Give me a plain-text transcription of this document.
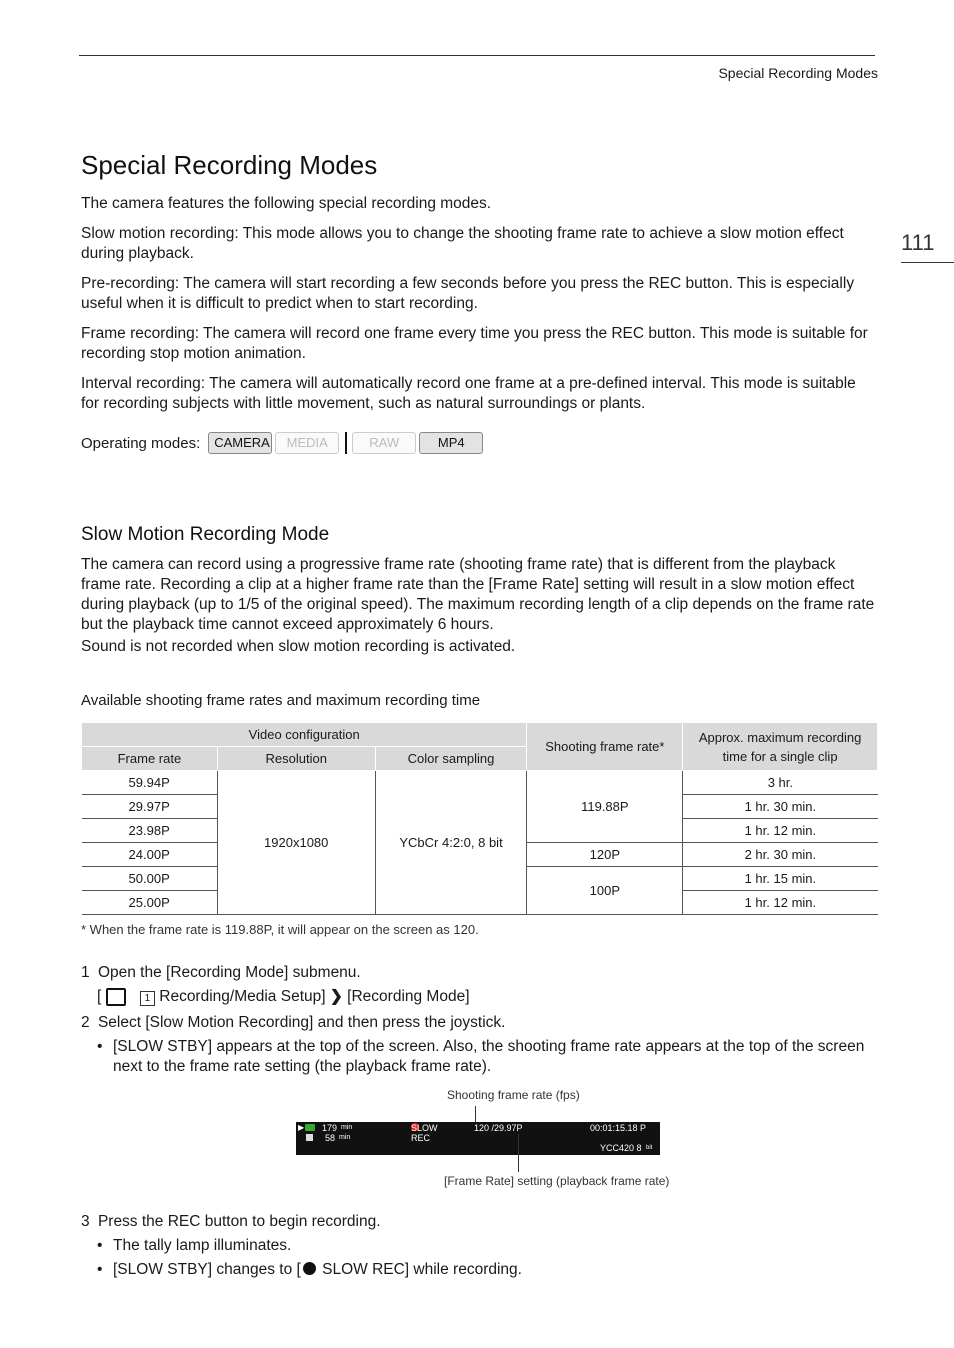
Special Recording Modes
111
Special Recording Modes

The camera features the following special recording modes.

Slow motion recording: This mode allows you to change the shooting frame rate to achieve a slow motion effect during playback.

Pre-recording: The camera will start recording a few seconds before you press the REC button. This is especially useful when it is difficult to predict when to start recording.

Frame recording: The camera will record one frame every time you press the REC button. This mode is suitable for recording stop motion animation.

Interval recording: The camera will automatically record one frame at a pre-defined interval. This mode is suitable for recording subjects with little movement, such as natural surroundings or plants.

Operating modes:	CAMERA	MEDIA	RAW	MP4
Slow Motion Recording Mode

The camera can record using a progressive frame rate (shooting frame rate) that is different from the playback frame rate. Recording a clip at a higher frame rate than the [Frame Rate] setting will result in a slow motion effect during playback (up to 1/5 of the original speed). The maximum recording length of a clip depends on the frame rate but the playback time cannot exceed approximately 6 hours.

Sound is not recorded when slow motion recording is activated.

Available shooting frame rates and maximum recording time
Video configuration			Shooting frame rate*	Approx. maximum recording time for a single clip
Frame rate	Resolution	Color sampling		
59.94P	1920x1080	YCbCr 4:2:0, 8 bit	119.88P	3 hr.
29.97P				1 hr. 30 min.
23.98P				1 hr. 12 min.
24.00P			120P	2 hr. 30 min.
50.00P			100P	1 hr. 15 min.
25.00P				1 hr. 12 min.
* When the frame rate is 119.88P, it will appear on the screen as 120.
1 Open the [Recording Mode] submenu.
[	1 Recording/Media Setup] ❯ [Recording Mode]
2 Select [Slow Motion Recording] and then press the joystick.
• [SLOW STBY] appears at the top of the screen. Also, the shooting frame rate appears at the top of the screen next to the frame rate setting (the playback frame rate).
Shooting frame rate (fps)
▶ 179 min
58 min
SLOW REC
120 /29.97P	00:01:15.18 P
YCC420 8 bit
[Frame Rate] setting (playback frame rate)
3 Press the REC button to begin recording.
• The tally lamp illuminates.
• [SLOW STBY] changes to [ SLOW REC] while recording.
